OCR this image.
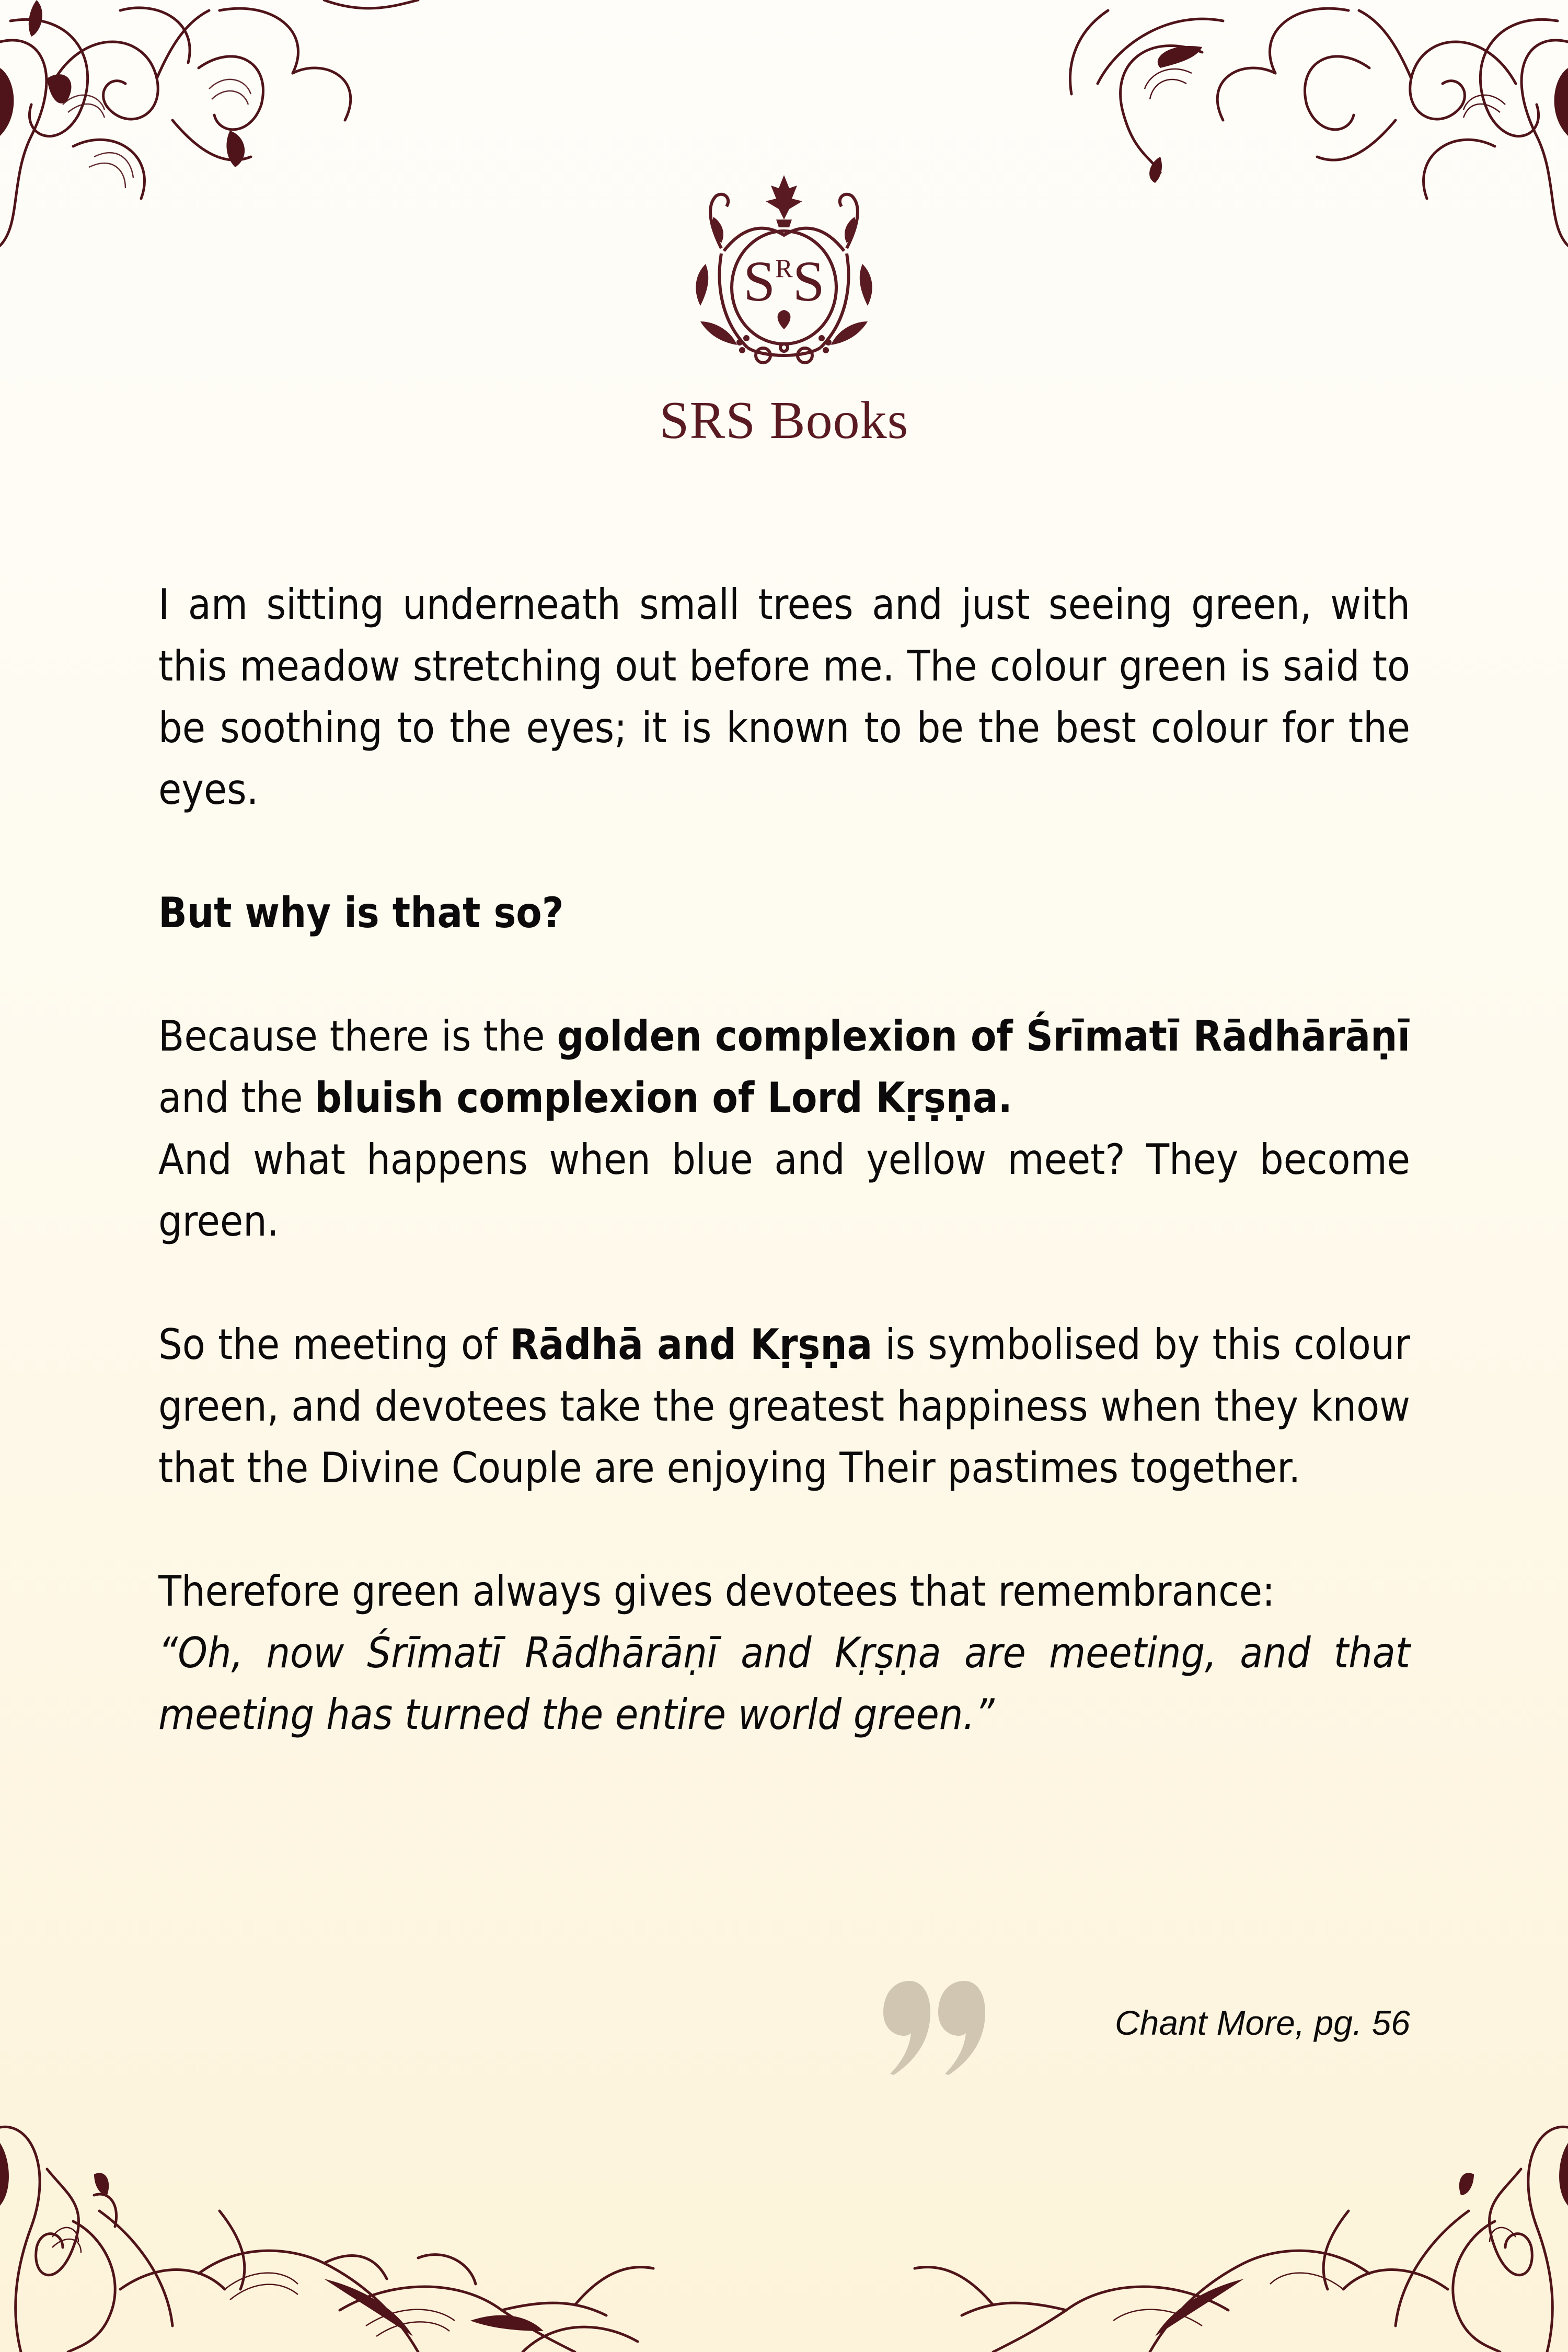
$S^RS$
SRS Books

I am sitting underneath small trees and just seeing green, with this meadow stretching out before me. The colour green is said to be soothing to the eyes; it is known to be the best colour for the eyes.

But why is that so?

Because there is the golden complexion of Śrīmatī Rādhārāṇī and the bluish complexion of Lord Kṛṣṇa.

And what happens when blue and yellow meet? They become green.

So the meeting of Rādhā and Kṛṣṇa is symbolised by this colour green, and devotees take the greatest happiness when they know that the Divine Couple are enjoying Their pastimes together.

Therefore green always gives devotees that remembrance:
“Oh, now Śrīmatī Rādhārāṇī and Kṛṣṇa are meeting, and that meeting has turned the entire world green.”

Chant More, pg. 56
